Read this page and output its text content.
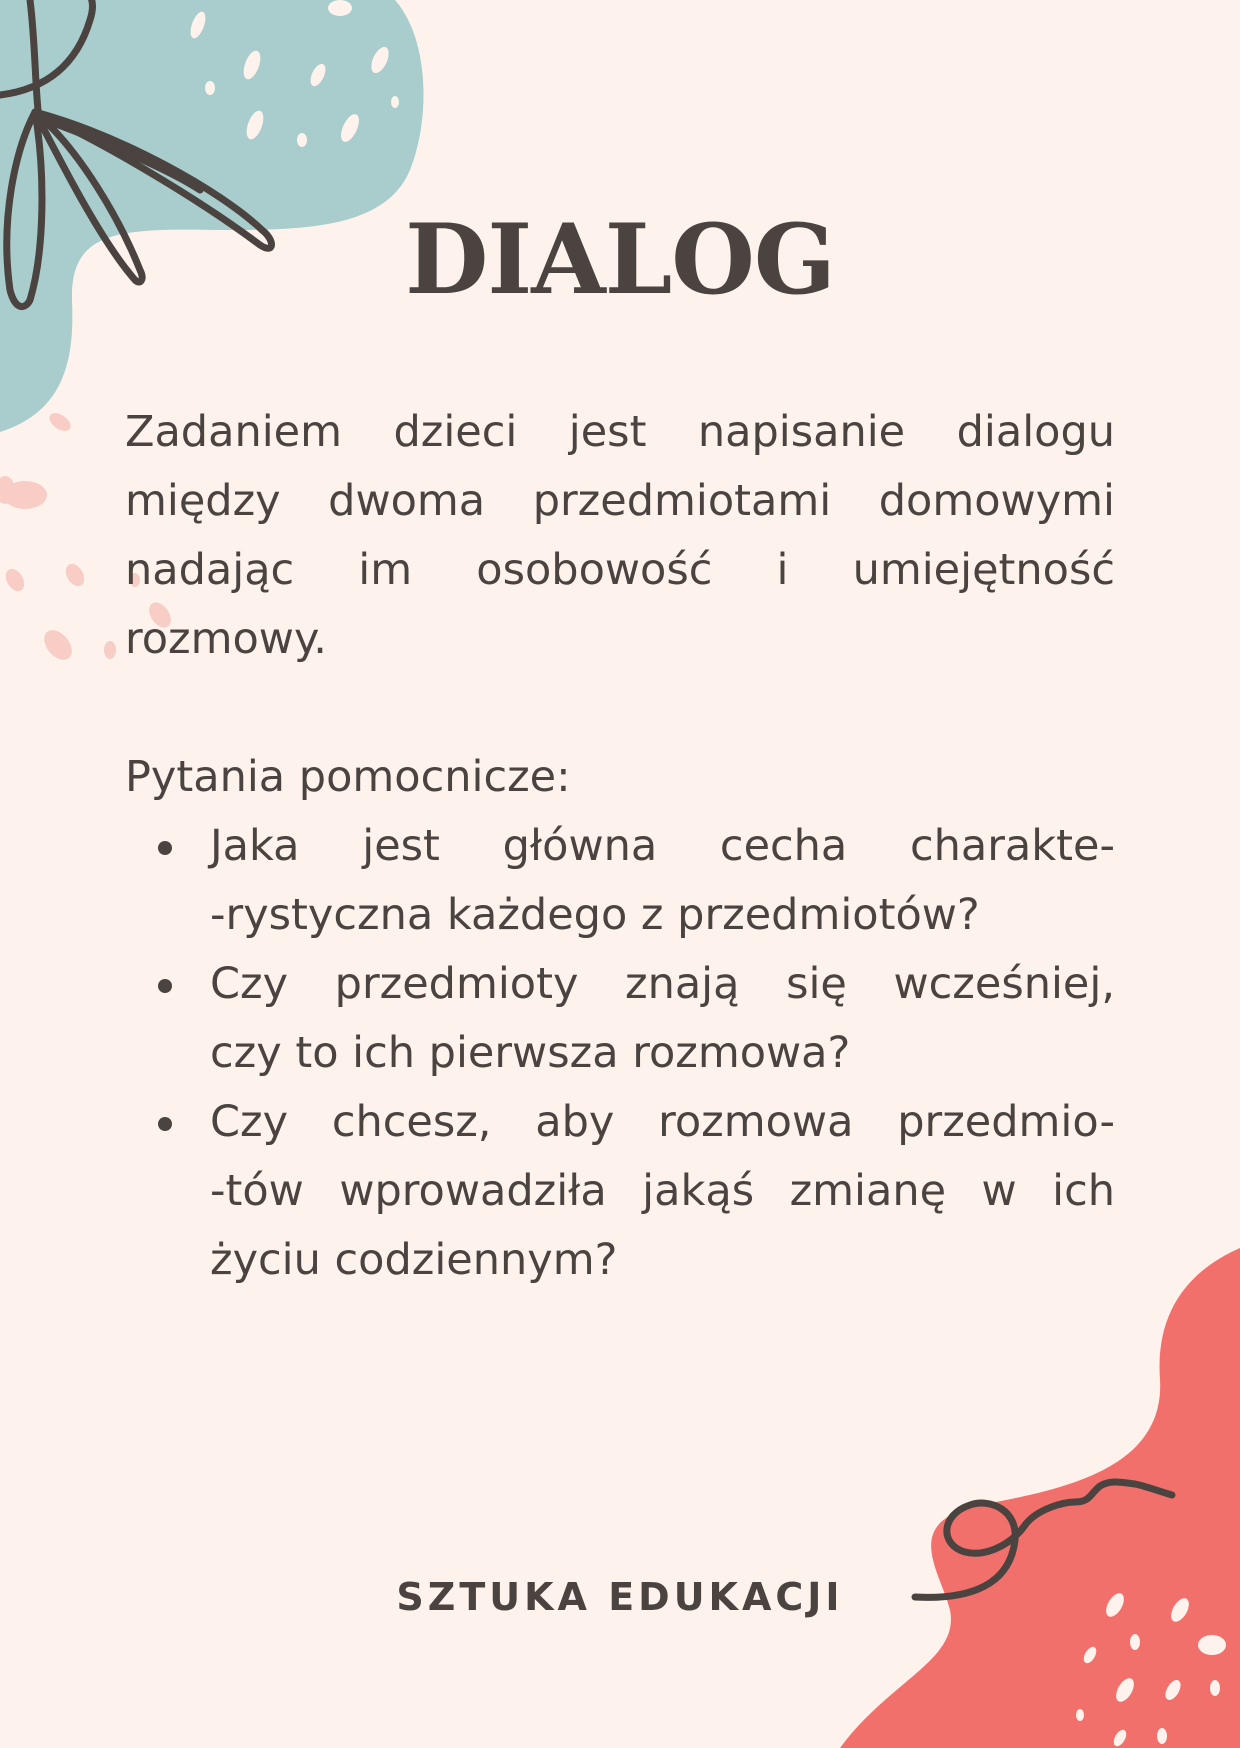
DIALOG

Zadaniem dzieci jest napisanie dialogu między dwoma przedmiotami domowymi nadając im osobowość i umiejętność rozmowy.

Pytania pomocnicze:

Jaka jest główna cecha charakte-
-rystyczna każdego z przedmiotów?
Czy przedmioty znają się wcześniej,
czy to ich pierwsza rozmowa?
Czy chcesz, aby rozmowa przedmio-
-tów wprowadziła jakąś zmianę w ich
życiu codziennym?
SZTUKA EDUKACJI
